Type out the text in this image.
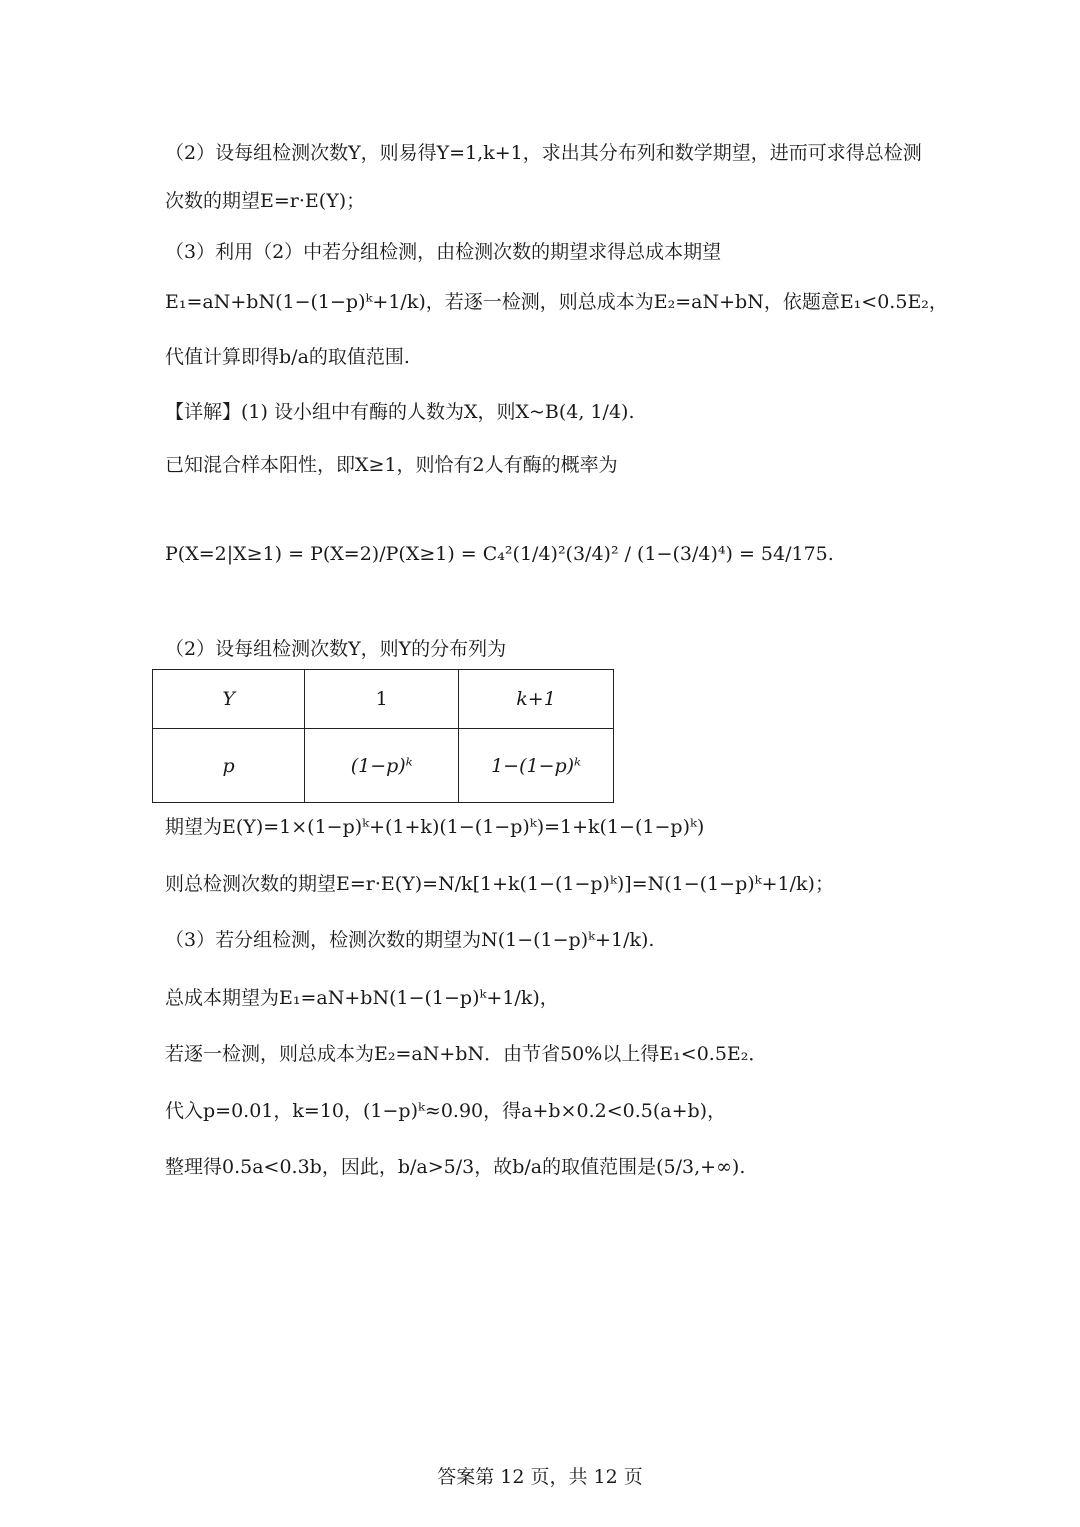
（2）设每组检测次数Y，则易得Y=1,k+1，求出其分布列和数学期望，进而可求得总检测
次数的期望E=r·E(Y)；
（3）利用（2）中若分组检测，由检测次数的期望求得总成本期望
E₁=aN+bN(1−(1−p)ᵏ+1/k)，若逐一检测，则总成本为E₂=aN+bN，依题意E₁<0.5E₂，
代值计算即得b/a的取值范围.
【详解】(1) 设小组中有酶的人数为X，则X~B(4, 1/4).
已知混合样本阳性，即X≥1，则恰有2人有酶的概率为
P(X=2|X≥1) = P(X=2)/P(X≥1) = C₄²(1/4)²(3/4)² / (1−(3/4)⁴) = 54/175.
（2）设每组检测次数Y，则Y的分布列为
Y	1	k+1
p	(1−p)ᵏ	1−(1−p)ᵏ
期望为E(Y)=1×(1−p)ᵏ+(1+k)(1−(1−p)ᵏ)=1+k(1−(1−p)ᵏ)
则总检测次数的期望E=r·E(Y)=N/k[1+k(1−(1−p)ᵏ)]=N(1−(1−p)ᵏ+1/k)；
（3）若分组检测，检测次数的期望为N(1−(1−p)ᵏ+1/k).
总成本期望为E₁=aN+bN(1−(1−p)ᵏ+1/k)，
若逐一检测，则总成本为E₂=aN+bN．由节省50%以上得E₁<0.5E₂．
代入p=0.01，k=10，(1−p)ᵏ≈0.90，得a+b×0.2<0.5(a+b)，
整理得0.5a<0.3b，因此，b/a>5/3，故b/a的取值范围是(5/3,+∞).
答案第 12 页，共 12 页
